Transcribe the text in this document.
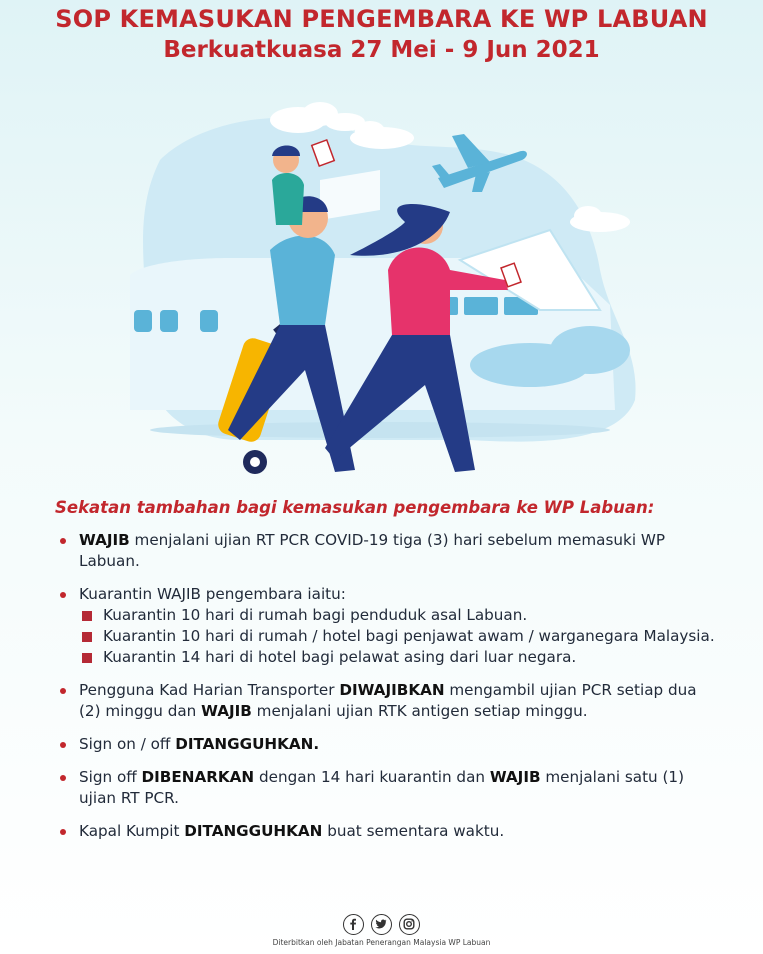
SOP KEMASUKAN PENGEMBARA KE WP LABUAN
Berkuatkuasa 27 Mei - 9 Jun 2021
Sekatan tambahan bagi kemasukan pengembara ke WP Labuan:
WAJIB menjalani ujian RT PCR COVID-19 tiga (3) hari sebelum memasuki WP Labuan.
Kuarantin WAJIB pengembara iaitu:
Kuarantin 10 hari di rumah bagi penduduk asal Labuan.
Kuarantin 10 hari di rumah / hotel bagi penjawat awam / warganegara Malaysia.
Kuarantin 14 hari di hotel bagi pelawat asing dari luar negara.
Pengguna Kad Harian Transporter DIWAJIBKAN mengambil ujian PCR setiap dua (2) minggu dan WAJIB menjalani ujian RTK antigen setiap minggu.
Sign on / off DITANGGUHKAN.
Sign off DIBENARKAN dengan 14 hari kuarantin dan WAJIB menjalani satu (1) ujian RT PCR.
Kapal Kumpit DITANGGUHKAN buat sementara waktu.

Diterbitkan oleh Jabatan Penerangan Malaysia WP Labuan
